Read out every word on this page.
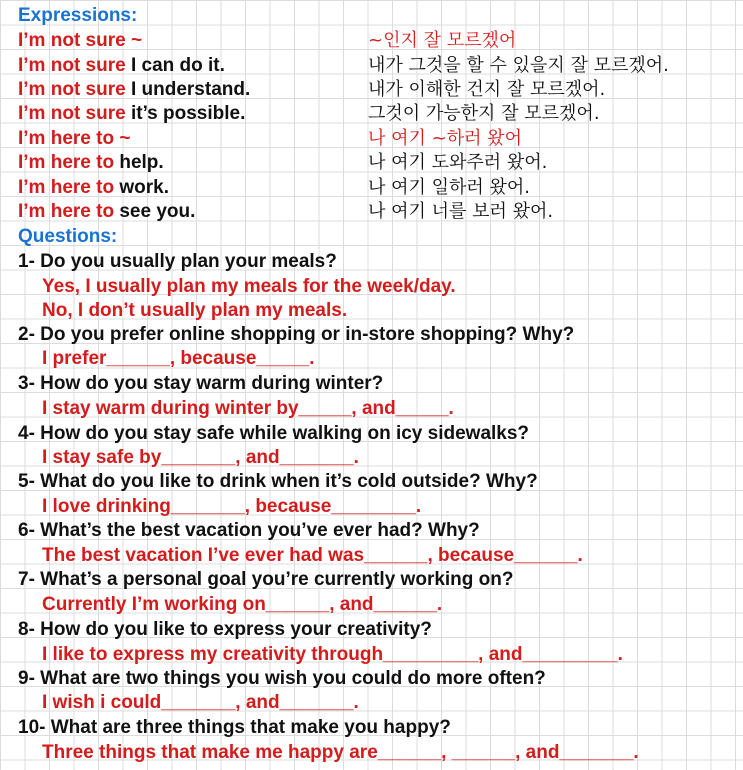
Expressions:
I’m not sure ~	~인지 잘 모르겠어
I’m not sure I can do it.	내가 그것을 할 수 있을지 잘 모르겠어.
I’m not sure I understand.	내가 이해한 건지 잘 모르겠어.
I’m not sure it’s possible.	그것이 가능한지 잘 모르겠어.
I’m here to ~	나 여기 ~하러 왔어
I’m here to help.	나 여기 도와주러 왔어.
I’m here to work.	나 여기 일하러 왔어.
I’m here to see you.	나 여기 너를 보러 왔어.
Questions:
1- Do you usually plan your meals?
Yes, I usually plan my meals for the week/day.
No, I don’t usually plan my meals.
2- Do you prefer online shopping or in-store shopping? Why?
I prefer______, because_____.
3- How do you stay warm during winter?
I stay warm during winter by_____, and_____.
4- How do you stay safe while walking on icy sidewalks?
I stay safe by_______, and_______.
5- What do you like to drink when it’s cold outside? Why?
I love drinking_______, because________.
6- What’s the best vacation you’ve ever had? Why?
The best vacation I’ve ever had was______, because______.
7- What’s a personal goal you’re currently working on?
Currently I’m working on______, and______.
8- How do you like to express your creativity?
I like to express my creativity through_________, and_________.
9- What are two things you wish you could do more often?
I wish i could_______, and_______.
10- What are three things that make you happy?
Three things that make me happy are______, ______, and_______.
